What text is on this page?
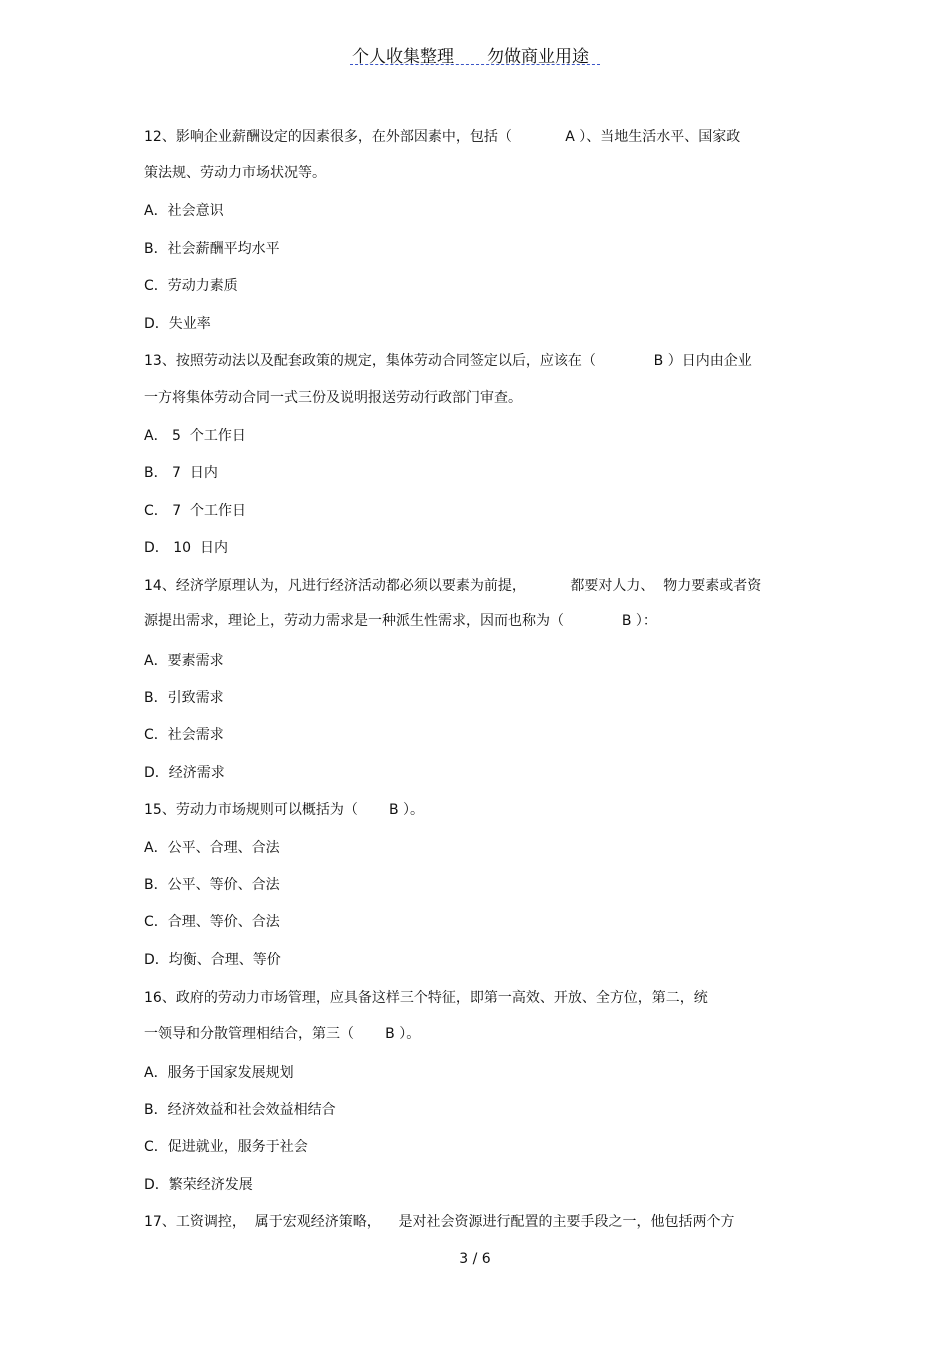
个人收集整理 勿做商业用途
12、影响企业薪酬设定的因素很多，在外部因素中，包括（            A ）、当地生活水平、国家政
策法规、劳动力市场状况等。
A．社会意识
B．社会薪酬平均水平
C．劳动力素质
D．失业率
13、按照劳动法以及配套政策的规定，集体劳动合同签定以后，应该在（             B ）日内由企业
一方将集体劳动合同一式三份及说明报送劳动行政部门审查。
A． 5  个工作日
B． 7  日内
C． 7  个工作日
D． 10  日内
14、经济学原理认为，凡进行经济活动都必须以要素为前提，          都要对人力、  物力要素或者资
源提出需求，理论上，劳动力需求是一种派生性需求，因而也称为（             B ）：
A．要素需求
B．引致需求
C．社会需求
D．经济需求
15、劳动力市场规则可以概括为（       B ）。
A．公平、合理、合法
B．公平、等价、合法
C．合理、等价、合法
D．均衡、合理、等价
16、政府的劳动力市场管理，应具备这样三个特征，即第一高效、开放、全方位，第二，统
一领导和分散管理相结合，第三（       B ）。
A．服务于国家发展规划
B．经济效益和社会效益相结合
C．促进就业，服务于社会
D．繁荣经济发展
17、工资调控，  属于宏观经济策略，    是对社会资源进行配置的主要手段之一，他包括两个方
3 / 6
